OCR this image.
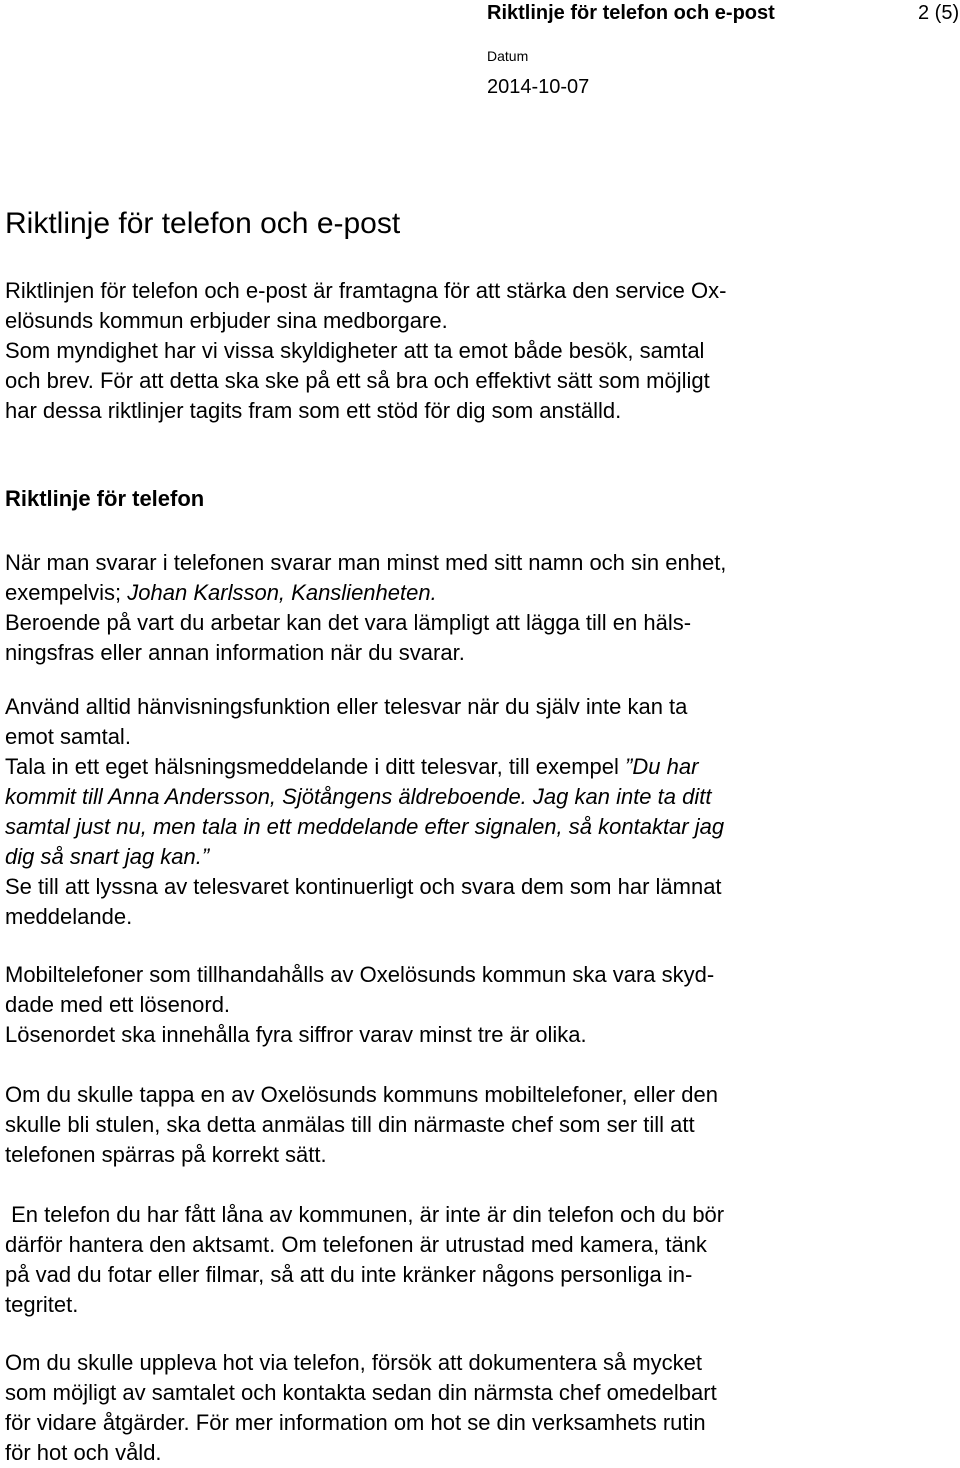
Riktlinje för telefon och e-post	2 (5)
Datum
2014-10-07
Riktlinje för telefon och e-post

Riktlinjen för telefon och e-post är framtagna för att stärka den service Ox-
elösunds kommun erbjuder sina medborgare.
Som myndighet har vi vissa skyldigheter att ta emot både besök, samtal
och brev. För att detta ska ske på ett så bra och effektivt sätt som möjligt
har dessa riktlinjer tagits fram som ett stöd för dig som anställd.

Riktlinje för telefon

När man svarar i telefonen svarar man minst med sitt namn och sin enhet,
exempelvis; Johan Karlsson, Kanslienheten.
Beroende på vart du arbetar kan det vara lämpligt att lägga till en häls-
ningsfras eller annan information när du svarar.

Använd alltid hänvisningsfunktion eller telesvar när du själv inte kan ta
emot samtal.
Tala in ett eget hälsningsmeddelande i ditt telesvar, till exempel ”Du har
kommit till Anna Andersson, Sjötångens äldreboende. Jag kan inte ta ditt
samtal just nu, men tala in ett meddelande efter signalen, så kontaktar jag
dig så snart jag kan.”
Se till att lyssna av telesvaret kontinuerligt och svara dem som har lämnat
meddelande.

Mobiltelefoner som tillhandahålls av Oxelösunds kommun ska vara skyd-
dade med ett lösenord.
Lösenordet ska innehålla fyra siffror varav minst tre är olika.

Om du skulle tappa en av Oxelösunds kommuns mobiltelefoner, eller den
skulle bli stulen, ska detta anmälas till din närmaste chef som ser till att
telefonen spärras på korrekt sätt.

En telefon du har fått låna av kommunen, är inte är din telefon och du bör
därför hantera den aktsamt. Om telefonen är utrustad med kamera, tänk
på vad du fotar eller filmar, så att du inte kränker någons personliga in-
tegritet.

Om du skulle uppleva hot via telefon, försök att dokumentera så mycket
som möjligt av samtalet och kontakta sedan din närmsta chef omedelbart
för vidare åtgärder. För mer information om hot se din verksamhets rutin
för hot och våld.
